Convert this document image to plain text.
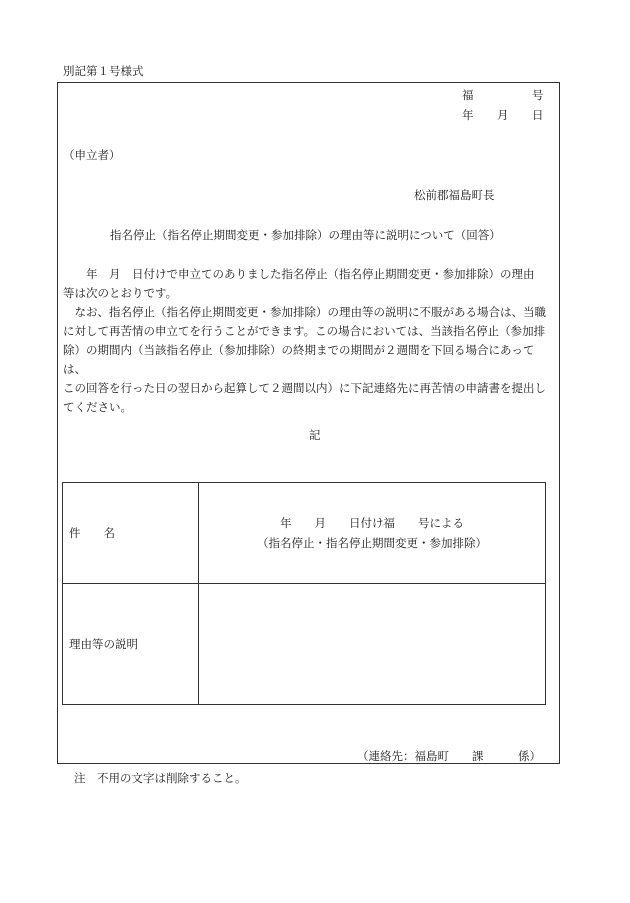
別記第１号様式
福	号
年 月 日
（申立者）
松前郡福島町長
指名停止（指名停止期間変更・参加排除）の理由等に説明について（回答）
　　年　月　日付けで申立てのありました指名停止（指名停止期間変更・参加排除）の理由
等は次のとおりです。
　なお、指名停止（指名停止期間変更・参加排除）の理由等の説明に不服がある場合は、当職
に対して再苦情の申立てを行うことができます。この場合においては、当該指名停止（参加排
除）の期間内（当該指名停止（参加排除）の終期までの期間が２週間を下回る場合にあっては、
この回答を行った日の翌日から起算して２週間以内）に下記連絡先に再苦情の申請書を提出し
てください。
記
件　　名	年　　月　　日付け福　　号による
（指名停止・指名停止期間変更・参加排除）

理由等の説明	
（連絡先：福島町　　課　　　係）
注　不用の文字は削除すること。
